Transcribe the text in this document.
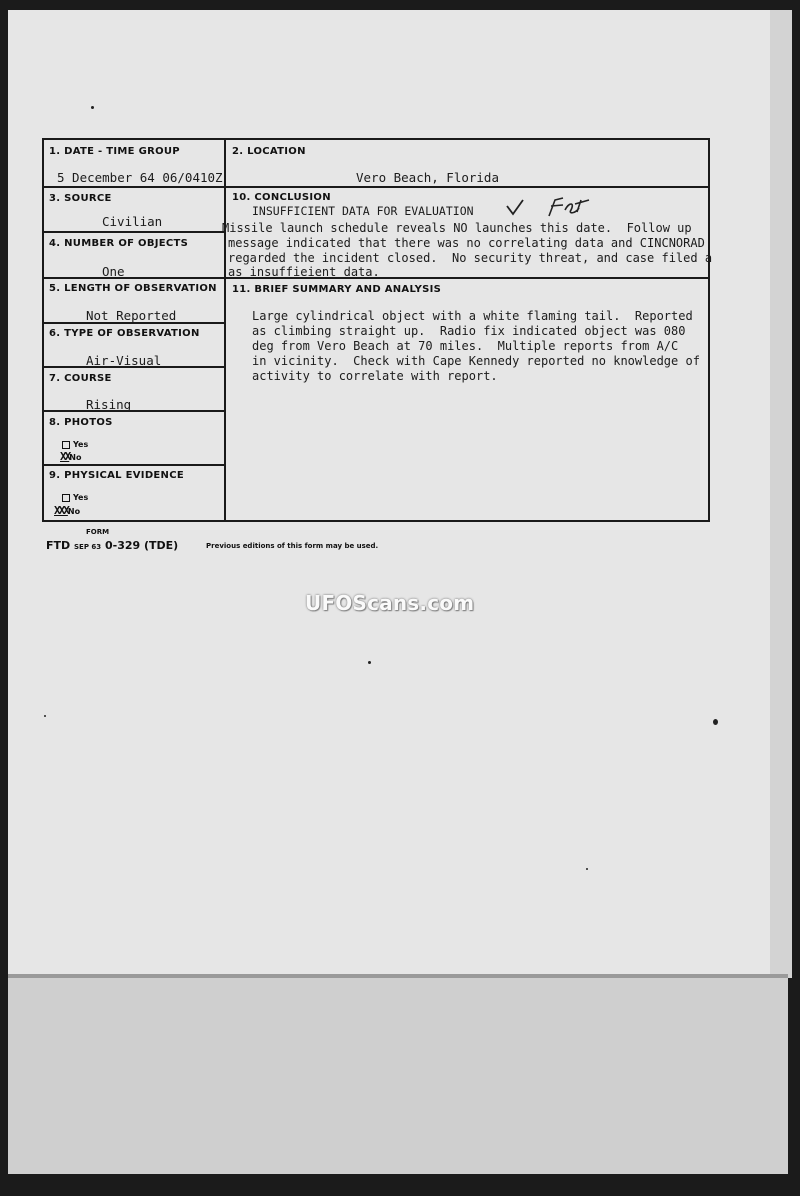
1. DATE - TIME GROUP
5 December 64 06/0410Z
2. LOCATION
Vero Beach, Florida
3. SOURCE
Civilian
4. NUMBER OF OBJECTS
One
5. LENGTH OF OBSERVATION
Not Reported
6. TYPE OF OBSERVATION
Air-Visual
7. COURSE
Rising
8. PHOTOS
Yes
XXNo
9. PHYSICAL EVIDENCE
Yes
XXXNo
10. CONCLUSION
INSUFFICIENT DATA FOR EVALUATION
Missile launch schedule reveals NO launches this date.  Follow up
message indicated that there was no correlating data and CINCNORAD
regarded the incident closed.  No security threat, and case filed a
as insuffieient data.
11. BRIEF SUMMARY AND ANALYSIS
Large cylindrical object with a white flaming tail.  Reported
as climbing straight up.  Radio fix indicated object was 080
deg from Vero Beach at 70 miles.  Multiple reports from A/C
in vicinity.  Check with Cape Kennedy reported no knowledge of
activity to correlate with report.
FORM
FTD SEP 63 0-329 (TDE)	Previous editions of this form may be used.
UFOScans.com
